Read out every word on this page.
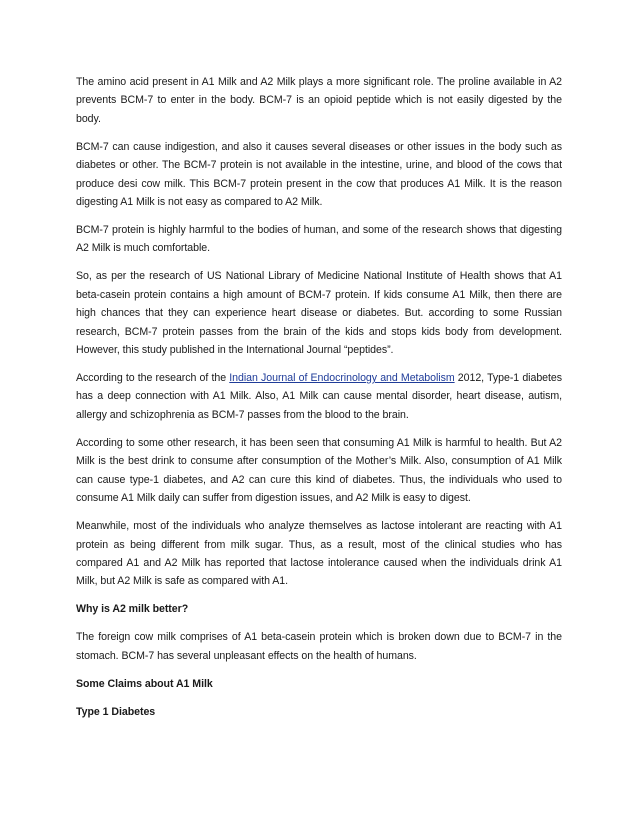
The amino acid present in A1 Milk and A2 Milk plays a more significant role. The proline available in A2 prevents BCM-7 to enter in the body. BCM-7 is an opioid peptide which is not easily digested by the body.

BCM-7 can cause indigestion, and also it causes several diseases or other issues in the body such as diabetes or other. The BCM-7 protein is not available in the intestine, urine, and blood of the cows that produce desi cow milk. This BCM-7 protein present in the cow that produces A1 Milk. It is the reason digesting A1 Milk is not easy as compared to A2 Milk.

BCM-7 protein is highly harmful to the bodies of human, and some of the research shows that digesting A2 Milk is much comfortable.

So, as per the research of US National Library of Medicine National Institute of Health shows that A1 beta-casein protein contains a high amount of BCM-7 protein. If kids consume A1 Milk, then there are high chances that they can experience heart disease or diabetes. But. according to some Russian research, BCM-7 protein passes from the brain of the kids and stops kids body from development. However, this study published in the International Journal “peptides”.

According to the research of the Indian Journal of Endocrinology and Metabolism 2012, Type-1 diabetes has a deep connection with A1 Milk. Also, A1 Milk can cause mental disorder, heart disease, autism, allergy and schizophrenia as BCM-7 passes from the blood to the brain.

According to some other research, it has been seen that consuming A1 Milk is harmful to health. But A2 Milk is the best drink to consume after consumption of the Mother’s Milk. Also, consumption of A1 Milk can cause type-1 diabetes, and A2 can cure this kind of diabetes. Thus, the individuals who used to consume A1 Milk daily can suffer from digestion issues, and A2 Milk is easy to digest.

Meanwhile, most of the individuals who analyze themselves as lactose intolerant are reacting with A1 protein as being different from milk sugar. Thus, as a result, most of the clinical studies who has compared A1 and A2 Milk has reported that lactose intolerance caused when the individuals drink A1 Milk, but A2 Milk is safe as compared with A1.

Why is A2 milk better?

The foreign cow milk comprises of A1 beta-casein protein which is broken down due to BCM-7 in the stomach. BCM-7 has several unpleasant effects on the health of humans.

Some Claims about A1 Milk

Type 1 Diabetes
